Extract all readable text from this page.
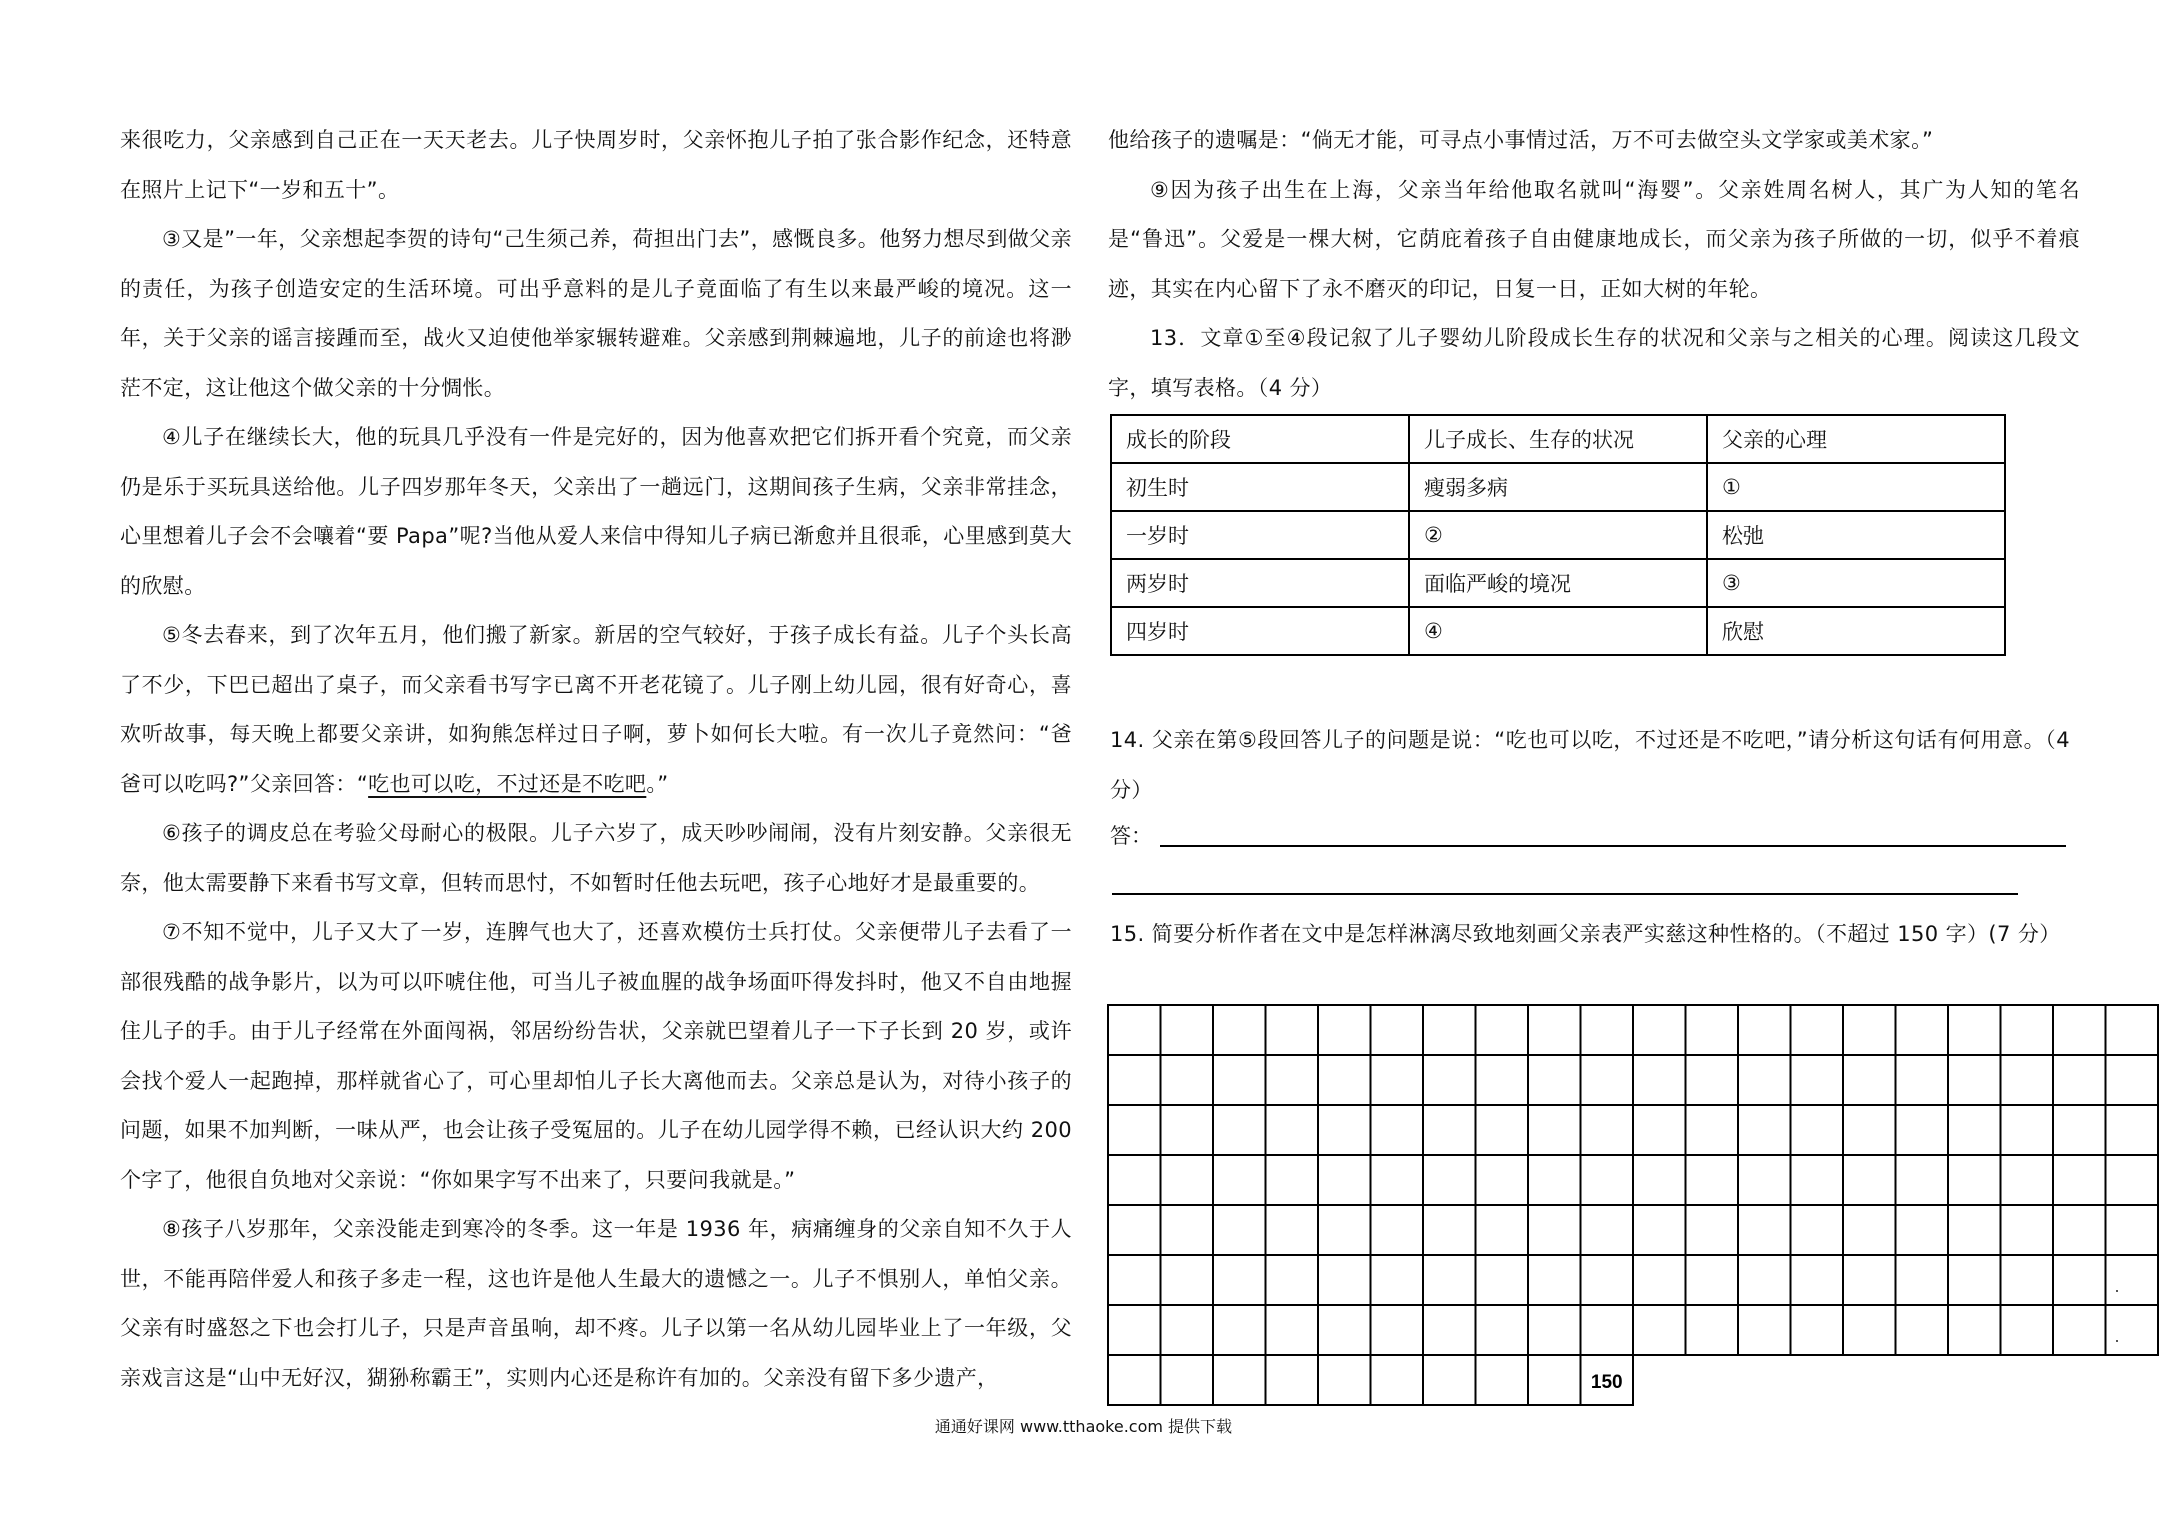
来很吃力，父亲感到自己正在一天天老去。儿子快周岁时，父亲怀抱儿子拍了张合影作纪念，还特意在照片上记下“一岁和五十”。

③又是”一年，父亲想起李贺的诗句“己生须己养，荷担出门去”，感慨良多。他努力想尽到做父亲的责任，为孩子创造安定的生活环境。可出乎意料的是儿子竟面临了有生以来最严峻的境况。这一年，关于父亲的谣言接踵而至，战火又迫使他举家辗转避难。父亲感到荆棘遍地，儿子的前途也将渺茫不定，这让他这个做父亲的十分惆怅。

④儿子在继续长大，他的玩具几乎没有一件是完好的，因为他喜欢把它们拆开看个究竟，而父亲仍是乐于买玩具送给他。儿子四岁那年冬天，父亲出了一趟远门，这期间孩子生病，父亲非常挂念，心里想着儿子会不会嚷着“要 Papa”呢?当他从爱人来信中得知儿子病已渐愈并且很乖，心里感到莫大的欣慰。

⑤冬去春来，到了次年五月，他们搬了新家。新居的空气较好，于孩子成长有益。儿子个头长高了不少，下巴已超出了桌子，而父亲看书写字已离不开老花镜了。儿子刚上幼儿园，很有好奇心，喜欢听故事，每天晚上都要父亲讲，如狗熊怎样过日子啊，萝卜如何长大啦。有一次儿子竟然问：“爸爸可以吃吗?”父亲回答：“吃也可以吃，不过还是不吃吧。”

⑥孩子的调皮总在考验父母耐心的极限。儿子六岁了，成天吵吵闹闹，没有片刻安静。父亲很无奈，他太需要静下来看书写文章，但转而思忖，不如暂时任他去玩吧，孩子心地好才是最重要的。

⑦不知不觉中，儿子又大了一岁，连脾气也大了，还喜欢模仿士兵打仗。父亲便带儿子去看了一部很残酷的战争影片，以为可以吓唬住他，可当儿子被血腥的战争场面吓得发抖时，他又不自由地握住儿子的手。由于儿子经常在外面闯祸，邻居纷纷告状，父亲就巴望着儿子一下子长到 20 岁，或许会找个爱人一起跑掉，那样就省心了，可心里却怕儿子长大离他而去。父亲总是认为，对待小孩子的问题，如果不加判断，一味从严，也会让孩子受冤屈的。儿子在幼儿园学得不赖，已经认识大约 200 个字了，他很自负地对父亲说：“你如果字写不出来了，只要问我就是。”

⑧孩子八岁那年，父亲没能走到寒冷的冬季。这一年是 1936 年，病痛缠身的父亲自知不久于人世，不能再陪伴爱人和孩子多走一程，这也许是他人生最大的遗憾之一。儿子不惧别人，单怕父亲。父亲有时盛怒之下也会打儿子，只是声音虽响，却不疼。儿子以第一名从幼儿园毕业上了一年级，父亲戏言这是“山中无好汉，猢狲称霸王”，实则内心还是称许有加的。父亲没有留下多少遗产，

他给孩子的遗嘱是：“倘无才能，可寻点小事情过活，万不可去做空头文学家或美术家。”

⑨因为孩子出生在上海，父亲当年给他取名就叫“海婴”。父亲姓周名树人，其广为人知的笔名是“鲁迅”。父爱是一棵大树，它荫庇着孩子自由健康地成长，而父亲为孩子所做的一切，似乎不着痕迹，其实在内心留下了永不磨灭的印记，日复一日，正如大树的年轮。

13．文章①至④段记叙了儿子婴幼儿阶段成长生存的状况和父亲与之相关的心理。阅读这几段文字，填写表格。（4 分）

成长的阶段	儿子成长、生存的状况	父亲的心理
初生时	瘦弱多病	①
一岁时	②	松弛
两岁时	面临严峻的境况	③
四岁时	④	欣慰

14. 父亲在第⑤段回答儿子的问题是说：“吃也可以吃，不过还是不吃吧，”请分析这句话有何用意。（4 分）

答：

15. 简要分析作者在文中是怎样淋漓尽致地刻画父亲表严实慈这种性格的。（不超过 150 字）(7 分）

150
通通好课网 www.tthaoke.com 提供下载
